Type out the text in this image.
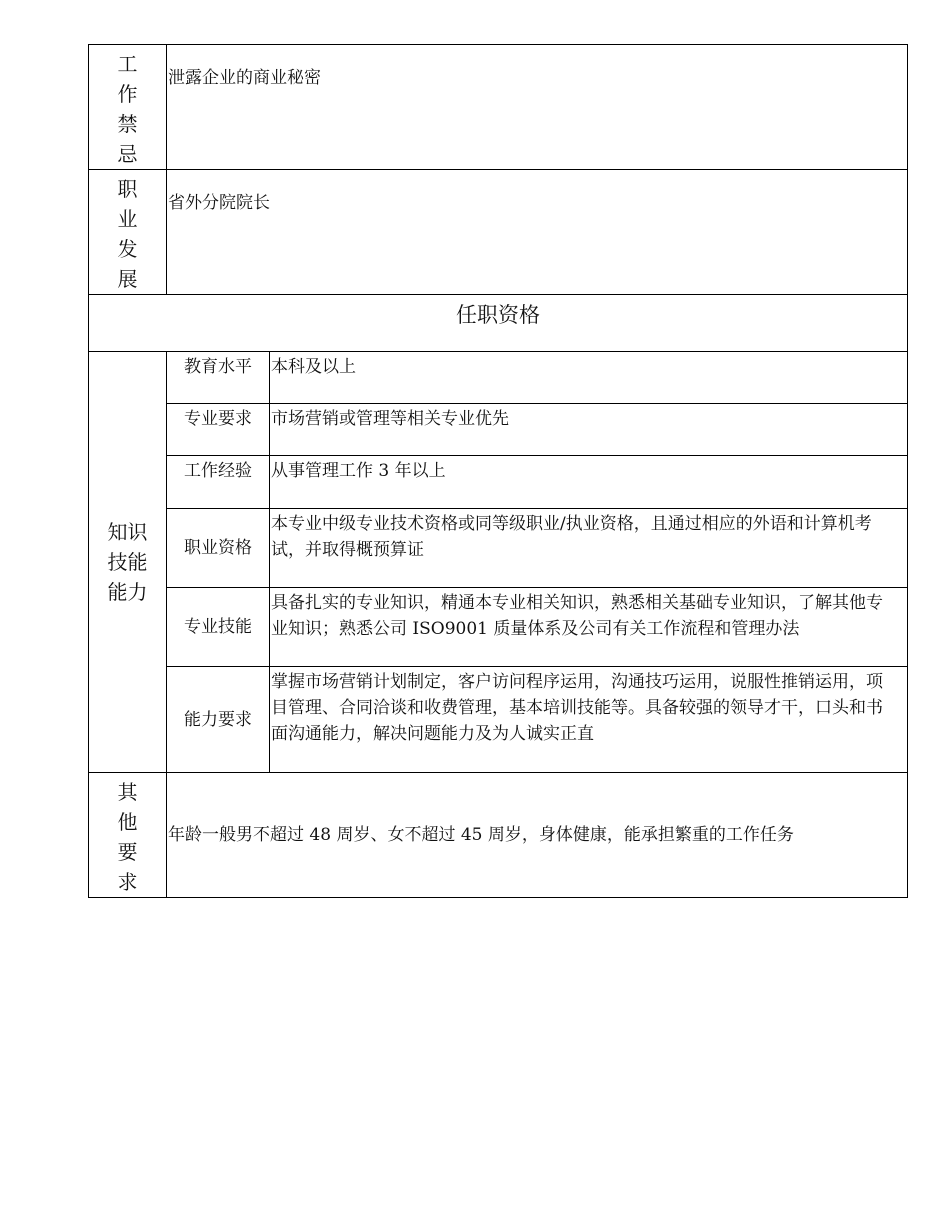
工作禁忌	泄露企业的商业秘密	

职业发展	省外分院院长	
任职资格		

知识技能能力	教育水平	本科及以上
	专业要求	市场营销或管理等相关专业优先
	工作经验	从事管理工作 3 年以上
	职业资格	本专业中级专业技术资格或同等级职业/执业资格，且通过相应的外语和计算机考试，并取得概预算证
	专业技能	具备扎实的专业知识，精通本专业相关知识，熟悉相关基础专业知识，了解其他专业知识；熟悉公司 ISO9001 质量体系及公司有关工作流程和管理办法
	能力要求	掌握市场营销计划制定，客户访问程序运用，沟通技巧运用，说服性推销运用，项目管理、合同洽谈和收费管理，基本培训技能等。具备较强的领导才干，口头和书面沟通能力，解决问题能力及为人诚实正直

其他要求	年龄一般男不超过 48 周岁、女不超过 45 周岁，身体健康，能承担繁重的工作任务	
